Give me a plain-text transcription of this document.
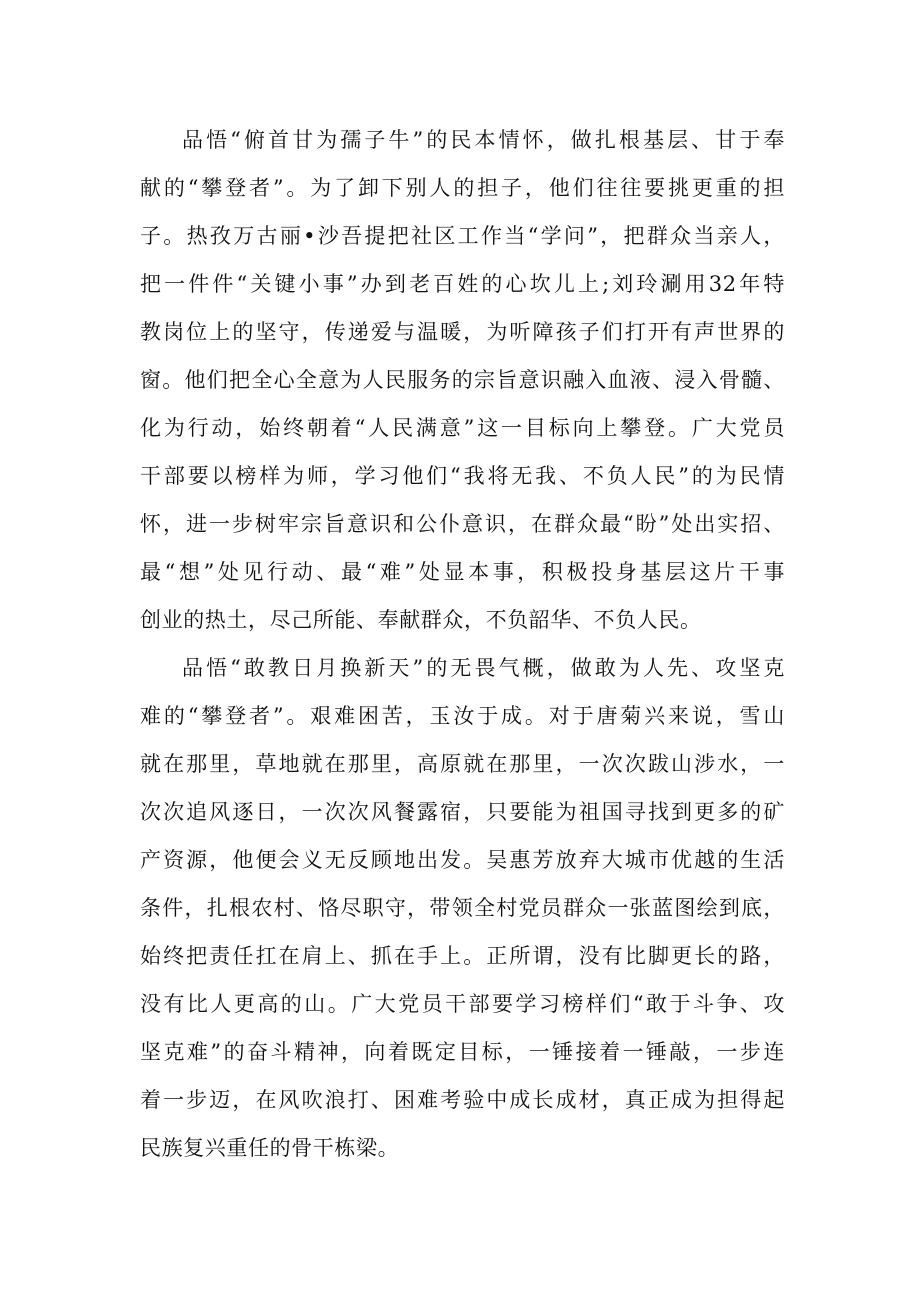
品悟“俯首甘为孺子牛”的民本情怀，做扎根基层、甘于奉
献的“攀登者”。为了卸下别人的担子，他们往往要挑更重的担
子。热孜万古丽•沙吾提把社区工作当“学问”，把群众当亲人，
把一件件“关键小事”办到老百姓的心坎儿上;刘玲涮用32年特
教岗位上的坚守，传递爱与温暖，为听障孩子们打开有声世界的
窗。他们把全心全意为人民服务的宗旨意识融入血液、浸入骨髓、
化为行动，始终朝着“人民满意”这一目标向上攀登。广大党员
干部要以榜样为师，学习他们“我将无我、不负人民”的为民情
怀，进一步树牢宗旨意识和公仆意识，在群众最“盼”处出实招、
最“想”处见行动、最“难”处显本事，积极投身基层这片干事
创业的热土，尽己所能、奉献群众，不负韶华、不负人民。
品悟“敢教日月换新天”的无畏气概，做敢为人先、攻坚克
难的“攀登者”。艰难困苦，玉汝于成。对于唐菊兴来说，雪山
就在那里，草地就在那里，高原就在那里，一次次跋山涉水，一
次次追风逐日，一次次风餐露宿，只要能为祖国寻找到更多的矿
产资源，他便会义无反顾地出发。吴惠芳放弃大城市优越的生活
条件，扎根农村、恪尽职守，带领全村党员群众一张蓝图绘到底，
始终把责任扛在肩上、抓在手上。正所谓，没有比脚更长的路，
没有比人更高的山。广大党员干部要学习榜样们“敢于斗争、攻
坚克难”的奋斗精神，向着既定目标，一锤接着一锤敲，一步连
着一步迈，在风吹浪打、困难考验中成长成材，真正成为担得起
民族复兴重任的骨干栋梁。
